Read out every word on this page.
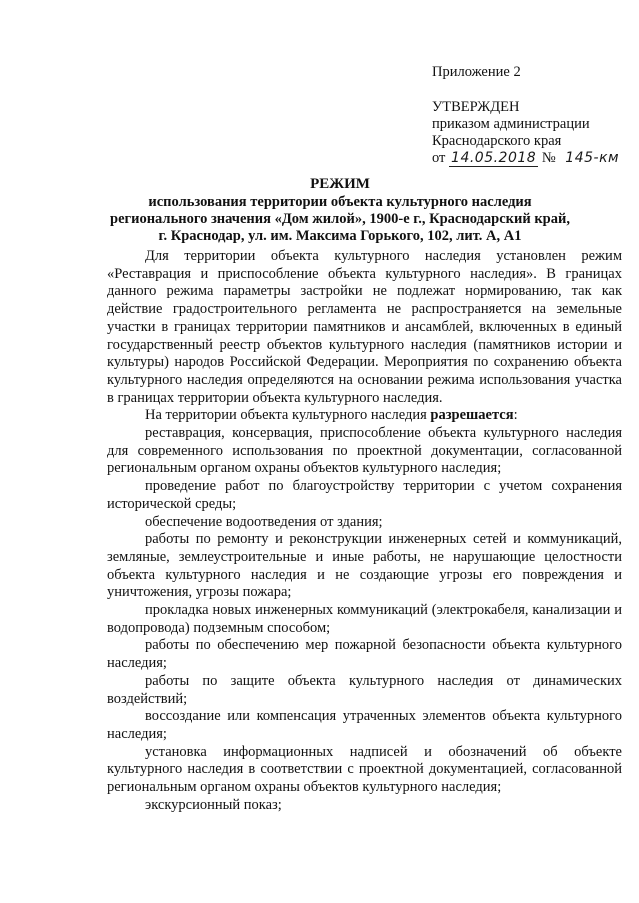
Приложение 2
УТВЕРЖДЕН
приказом администрации
Краснодарского края
от 14.05.2018 № 145-км
РЕЖИМ
использования территории объекта культурного наследия
регионального значения «Дом жилой», 1900-е г., Краснодарский край,
г. Краснодар, ул. им. Максима Горького, 102, лит. А, А1

Для территории объекта культурного наследия установлен режим «Реставрация и приспособление объекта культурного наследия». В границах данного режима параметры застройки не подлежат нормированию, так как действие градостроительного регламента не распространяется на земельные участки в границах территории памятников и ансамблей, включенных в единый государственный реестр объектов культурного наследия (памятников истории и культуры) народов Российской Федерации. Мероприятия по сохранению объекта культурного наследия определяются на основании режима использования участка в границах территории объекта культурного наследия.

На территории объекта культурного наследия разрешается:

реставрация, консервация, приспособление объекта культурного наследия для современного использования по проектной документации, согласованной региональным органом охраны объектов культурного наследия;

проведение работ по благоустройству территории с учетом сохранения исторической среды;

обеспечение водоотведения от здания;

работы по ремонту и реконструкции инженерных сетей и коммуникаций, земляные, землеустроительные и иные работы, не нарушающие целостности объекта культурного наследия и не создающие угрозы его повреждения и уничтожения, угрозы пожара;

прокладка новых инженерных коммуникаций (электрокабеля, канализации и водопровода) подземным способом;

работы по обеспечению мер пожарной безопасности объекта культурного наследия;

работы по защите объекта культурного наследия от динамических воздействий;

воссоздание или компенсация утраченных элементов объекта культурного наследия;

установка информационных надписей и обозначений об объекте культурного наследия в соответствии с проектной документацией, согласованной региональным органом охраны объектов культурного наследия;

экскурсионный показ;
